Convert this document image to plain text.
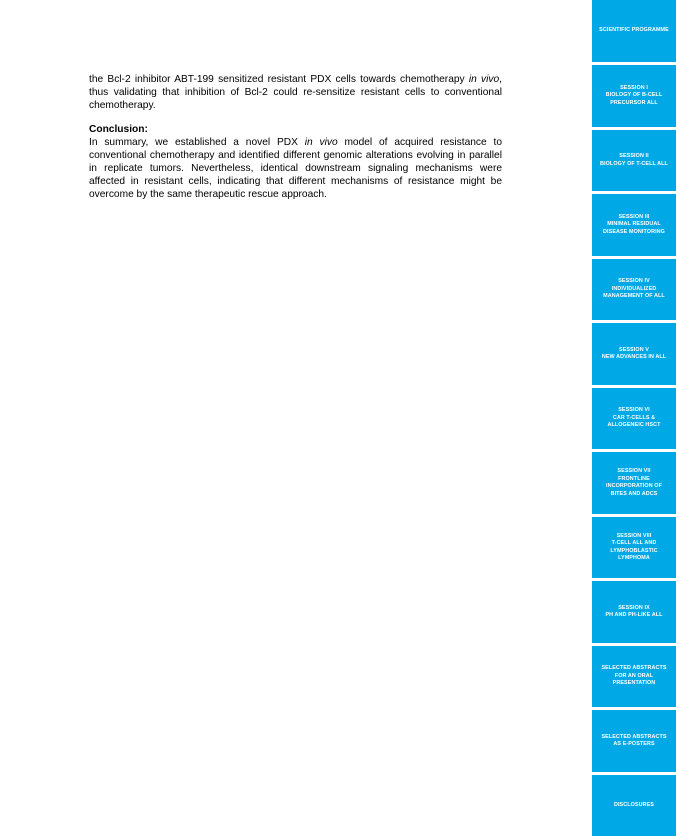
the Bcl-2 inhibitor ABT-199 sensitized resistant PDX cells towards chemotherapy in vivo, thus validating that inhibition of Bcl-2 could re-sensitize resistant cells to conventional chemotherapy.

Conclusion:

In summary, we established a novel PDX in vivo model of acquired resistance to conventional chemotherapy and identified different genomic alterations evolving in parallel in replicate tumors. Nevertheless, identical downstream signaling mechanisms were affected in resistant cells, indicating that different mechanisms of resistance might be overcome by the same therapeutic rescue approach.

SCIENTIFIC PROGRAMME
SESSION I
BIOLOGY OF B-CELL
PRECURSOR ALL
SESSION II
BIOLOGY OF T-CELL ALL
SESSION III
MINIMAL RESIDUAL
DISEASE MONITORING
SESSION IV
INDIVIDUALIZED
MANAGEMENT OF ALL
SESSION V
NEW ADVANCES IN ALL
SESSION VI
CAR T-CELLS &
ALLOGENEIC HSCT
SESSION VII
FRONTLINE
INCORPORATION OF
BITES AND ADCS
SESSION VIII
T-CELL ALL AND
LYMPHOBLASTIC
LYMPHOMA
SESSION IX
PH AND PH-LIKE ALL
SELECTED ABSTRACTS
FOR AN ORAL
PRESENTATION
SELECTED ABSTRACTS
AS E-POSTERS
DISCLOSURES
